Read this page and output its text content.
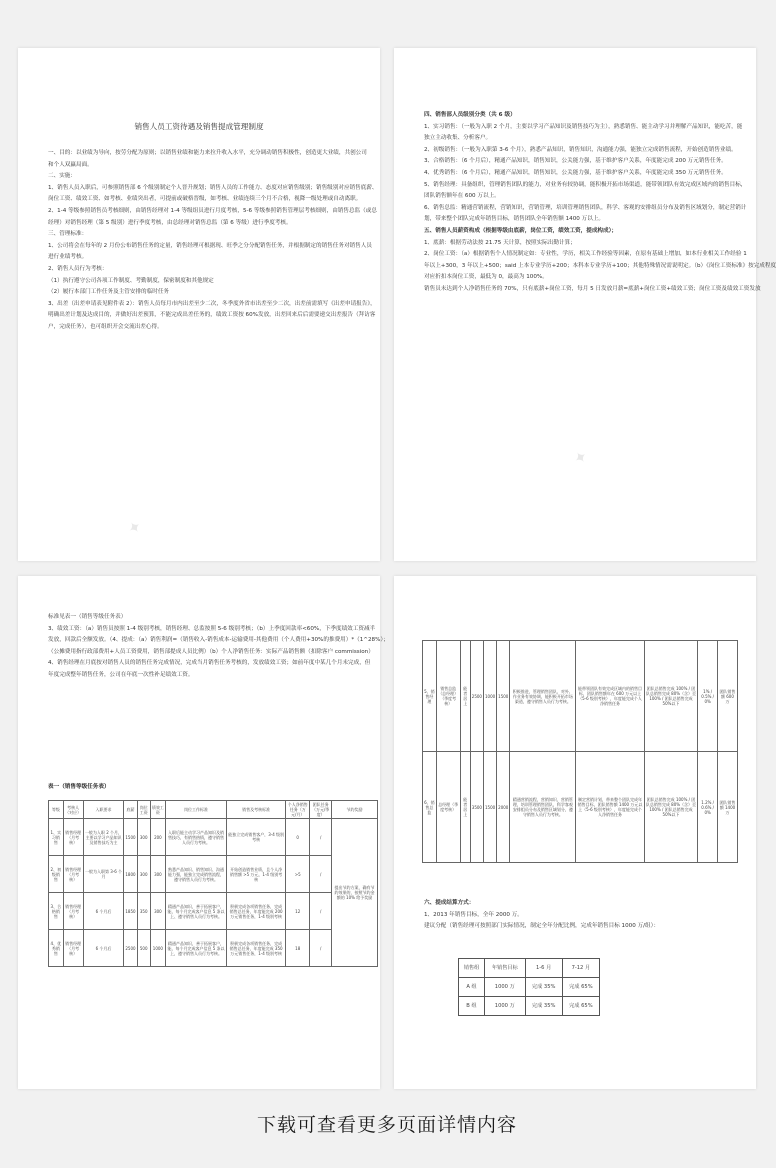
销售人员工资待遇及销售提成管理制度

一、目的：以业绩为导向，按劳分配为原则；以销售业绩和能力来拉升收入水平，充分调动销售积极性，创造更大业绩，共创公司
和个人双赢局面。
二、实施：
1、销售人员入职后，可参照销售部 6 个级别制定个人晋升规划；销售人员的工作能力、态度对应销售级别；销售级别对应销售底薪、
岗位工资、绩效工资、如考核、业绩突出者，可提前或破格晋级，如考核、业绩连续三个月不合格，视降一级处理或自动离职。
2、1-4 等级参照销售员考核细则，由销售经理对 1-4 等级组员进行月度考核，5-6 等级参照销售管理层考核细则，由销售总监（或总
经理）对销售经理（第 5 级别）进行季度考核，由总经理对销售总监（第 6 等级）进行季度考核。
三、管理标准：
1、公司将会在每年的 2 月份公布销售任务的定量，销售经理可根据现、旺季之分分配销售任务，并根据制定的销售任务对销售人员
进行业绩考核。
2、销售人员行为考核：
（1）执行遵守公司各项工作制度、考勤制度，保密制度和其他规定
（2）履行本部门工作任务及主管安排的临时任务
3、出差（出差申请表见附件表 2）：销售人员每月市内出差至少二次，冬季度外省市出差至少二次，出差前需填写《出差申请报告》，
明确出差计划及达成目的，并做好出差预算，不能完成出差任务的，绩效工资按 60%发放，出差回来后后需要递交出差报告（拜访客
户，完成任务），也可组织开会交流出差心得。
✦
四、销售部人员级别分类（共 6 级）
1、实习销售：（一般为入职 2 个月，主要以学习产品知识及销售技巧为主），熟悉销售、能主动学习并理解产品知识，能吃苦，能
独立主动收集、分析客户。
2、初级销售：（一般为入职第 3-6 个月），熟悉产品知识，销售知识，沟通能力强，能独立完成销售流程，开始创造销售业绩。
3、合格销售：（6 个月后），精通产品知识，销售知识，公关能力强，基于维护客户关系，年度能完成 200 万元销售任务。
4、优秀销售：（6 个月后），精通产品知识，销售知识，公关能力强，基于维护客户关系，年度能完成 350 万元销售任务。
5、销售经理：具备组织，管理销售团队的能力，对业务有较协调，能积极开拓市场渠道，能带领团队有效完成区域内的销售目标，
团队销售额年在 600 万以上。
6、销售总监：精通营销流程，营销知识，营销管理，培训管理销售团队，科学、客观的安排组员分布及销售区域划分，制定营销计
划，带来整个团队完成年销售目标，销售团队全年销售额 1400 万以上。
五、销售人员薪资构成（根据等级由底薪，岗位工资，绩效工资，提成构成）；
1、底薪：根据劳动法按 21.75 天计算，按照实际出勤计算；
2、岗位工资：（a）根据销售个人情况制定如：专业性，学历，相关工作经验等因素，在原有基础上增加，如本行业相关工作经验 1
年以上+300，3 年以上+500；said 上本专业学历+200；本科本专业学历+100；其他特殊情况需说明定。（b）《岗位工资标准》按完成程度
对应折扣本岗位工资，最低为 0，最高为 100%。
销售员未达到个人净销售任务的 70%，只有底薪+岗位工资，每月 5 日发放月薪=底薪+岗位工资+绩效工资；岗位工资及绩效工资发放
✦
标准见表一（销售等级任务表）
3、绩效工资：（a）销售员按照 1-4 级别考核，销售经理、总监按照 5-6 级别考核；（b）上季度回款率<60%，下季度绩效工资减半
发放，回款后全额发放。（4、提成：（a）销售利润=（销售收入-销售成本-运输费用-其他费用（个人费用+30%的推费用）*（1^28%）；
（公摊费用指行政部费用+人员工资费用，销售部提成人员比例）（b）个人净销售任务：实际产品销售额（扣除客户 commission）
4、销售经理在月底按对销售人员的销售任务完成情况，完成当月销售任务考核的，发放绩效工资；如前年度中某几个月未完成，但
年度完成整年销售任务，公司在年底一次性补足绩效工资。
表一（销售等级任务表）
等级	考核人（对应）	入职要求	底薪	岗位工资	绩效工资	岗位工作标准	销售及考核标准	个人净销售任务（万元/月）	团队任务（万元/季度）	节约奖励
1、实习销售	销售经理（月考核）	一般为入职 2 个月，主要以学习产品知识及销售技巧为主	1500	300	200	入职后能主动学习产品知识及销售技巧，有销售热情，遵守销售人员行为考核。	能独立完成销售客户，3-4 级别考核	0	/	提出节约方案，确有节约效果的，按照节约金额的 10% 给予奖励
2、初级销售	销售经理（月考核）	一般为入职第 3-6 个月	1800	300	300	熟悉产品知识、销售知识、沟通能力强，能独立完成销售流程，遵守销售人员行为考核。	开始创造销售业绩，且个人净销售额 >5 万元，1-4 级别考核	>5	/	
3、合格销售	销售经理（月考核）	6 个月后	1850	350	300	精通产品知识，善于拓展客户，能、每个月完成客户信息 5 条以上、遵守销售人员行为考核。	积极完成各项销售任务，完成销售总任务，年度能完成 200 万元销售任务，1-4 级别考核	12	/	
4、优秀销售	销售经理（月考核）	6 个月后	2500	500	1000	精通产品知识，善于拓展客户，能、每个月完成客户信息 5 条以上，遵守销售人员行为考核。	积极完成各项销售任务，完成销售总任务，年度能完成 350 万元销售任务，1-4 级别考核	18	/	
5、销售经理	销售总监（总经理）（季度考核）	能者居上	2500	1000	1500	积极推进，管理销售团队，对外、作业务有效协调，能积极开拓市场渠道，遵守销售人员行为考核。	能带领团队有效完成区域内的销售目标，团队销售额年在 600 万元以上（5-6 级别考核），年度能完成个人净销售任务	团队总销售完成 100% / 团队总销售完成 80%（含）至 100% / 团队总销售完成 50%以下	1% / 0.5% / 0%	团队销售额 600 万
6、销售总监	总经理（季度考核）	能者居上	3500	1500	2000	精通营销流程，营销知识，营销管理，培训管理销售团队，科学客观安排组员分布及销售区域划分，遵守销售人员行为考核。	制定营销计划，带来整个团队完成年销售目标，团队销售额 1400 万元以上（5-6 级别考核），年度能完成个人净销售任务	团队总销售完成 100% / 团队总销售完成 80%（含）至 100% / 团队总销售完成 50%以下	1.2% / 0.6% / 0%	团队销售额 1400 万
六、提成结算方式：
1、2013 年销售目标，全年 2000 万。
建议分配（销售经理可按照部门实际情况，制定全年分配比例，完成年销售目标 1000 万/组）：
销售组	年销售目标	1-6 月	7-12 月
A 组	1000 万	完成 35%	完成 65%
B 组	1000 万	完成 35%	完成 65%
下载可查看更多页面详情内容
